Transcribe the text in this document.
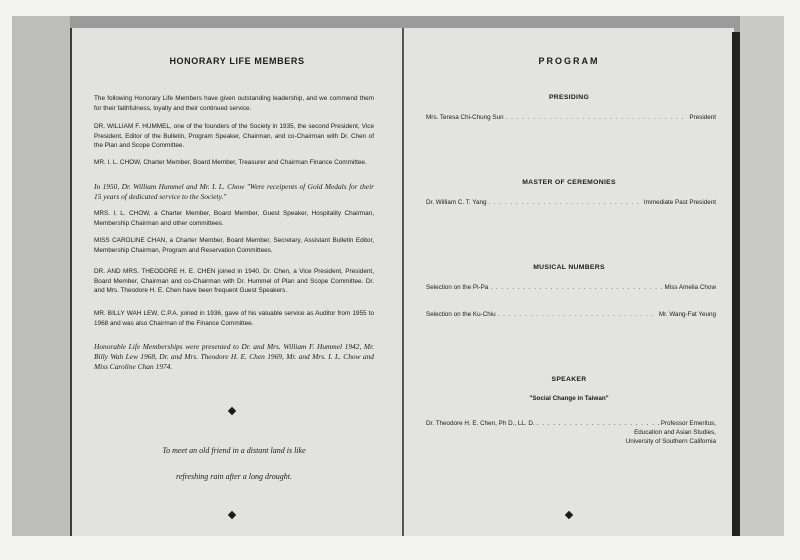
HONORARY LIFE MEMBERS
The following Honorary Life Members have given outstanding leadership, and we commend them for their faithfulness, loyalty and their continued service.
DR. WILLIAM F. HUMMEL, one of the founders of the Society in 1935, the second President, Vice President, Editor of the Bulletin, Program Speaker, Chairman, and co-Chairman with Dr. Chen of the Plan and Scope Committee.
MR. I. L. CHOW, Charter Member, Board Member, Treasurer and Chairman Finance Committee.
In 1950, Dr. William Hummel and Mr. I. L. Chow "Were receipents of Gold Medals for their 15 years of dedicated service to the Society."
MRS. I. L. CHOW, a Charter Member, Board Member, Guest Speaker, Hospitality Chairman, Membership Chairman and other committees.
MISS CAROLINE CHAN, a Charter Member, Board Member, Secretary, Assistant Bulletin Editor, Membership Chairman, Program and Reservation Committees.
DR. AND MRS. THEODORE H. E. CHEN joined in 1940. Dr. Chen, a Vice President, President, Board Member, Chairman and co-Chairman with Dr. Hummel of Plan and Scope Committee. Dr. and Mrs. Theodore H. E. Chen have been frequent Guest Speakers.
MR. BILLY WAH LEW, C.P.A. joined in 1936, gave of his valuable service as Auditor from 1955 to 1968 and was also Chairman of the Finance Committee.
Honorable Life Memberships were presented to Dr. and Mrs. William F. Hummel 1942, Mr. Billy Wah Lew 1968, Dr. and Mrs. Theodore H. E. Chen 1969, Mr. and Mrs. I. L. Chow and Miss Caroline Chan 1974.
To meet an old friend in a distant land is like
refreshing rain after a long drought.
PROGRAM
PRESIDING
Mrs. Teresa Chi-Chung Sun . . .	President
MASTER OF CEREMONIES
Dr. William C. T. Yang . . .	Immediate Past President
MUSICAL NUMBERS
Selection on the Pi-Pa . . .	Miss Amelia Chow
Selection on the Ku-Chiu . . .	Mr. Wang-Fat Yeung
SPEAKER
"Social Change in Taiwan"
Dr. Theodore H. E. Chen, Ph D., LL. D. . . .	Professor Emeritus,
Education and Asian Studies,
University of Southern California
